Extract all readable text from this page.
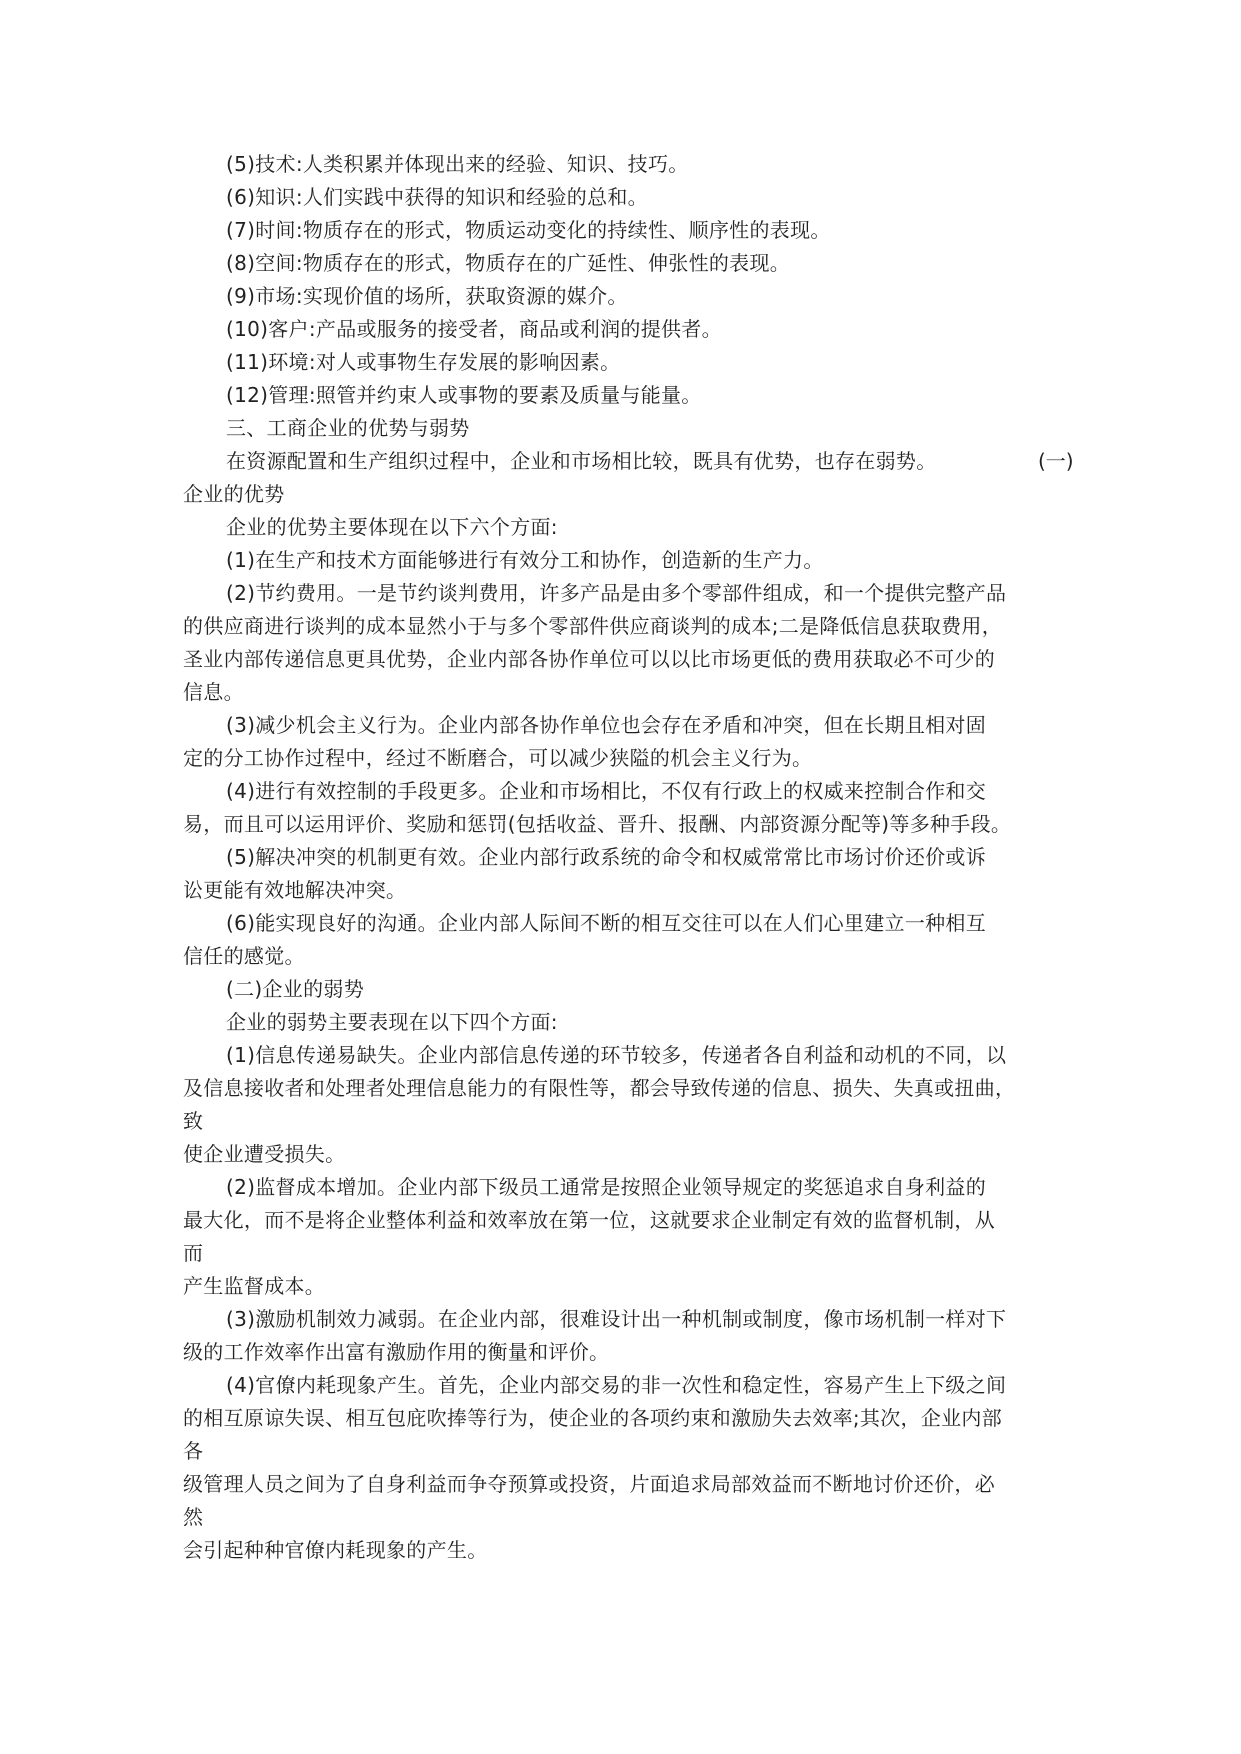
(5)技术:人类积累并体现出来的经验、知识、技巧。
(6)知识:人们实践中获得的知识和经验的总和。
(7)时间:物质存在的形式，物质运动变化的持续性、顺序性的表现。
(8)空间:物质存在的形式，物质存在的广延性、伸张性的表现。
(9)市场:实现价值的场所，获取资源的媒介。
(10)客户:产品或服务的接受者，商品或利润的提供者。
(11)环境:对人或事物生存发展的影响因素。
(12)管理:照管并约束人或事物的要素及质量与能量。
三、工商企业的优势与弱势
在资源配置和生产组织过程中，企业和市场相比较，既具有优势，也存在弱势。	(一)
企业的优势
企业的优势主要体现在以下六个方面:
(1)在生产和技术方面能够进行有效分工和协作，创造新的生产力。
(2)节约费用。一是节约谈判费用，许多产品是由多个零部件组成，和一个提供完整产品
的供应商进行谈判的成本显然小于与多个零部件供应商谈判的成本;二是降低信息获取费用，
圣业内部传递信息更具优势，企业内部各协作单位可以以比市场更低的费用获取必不可少的
信息。
(3)减少机会主义行为。企业内部各协作单位也会存在矛盾和冲突，但在长期且相对固
定的分工协作过程中，经过不断磨合，可以减少狭隘的机会主义行为。
(4)进行有效控制的手段更多。企业和市场相比，不仅有行政上的权威来控制合作和交
易，而且可以运用评价、奖励和惩罚(包括收益、晋升、报酬、内部资源分配等)等多种手段。
(5)解决冲突的机制更有效。企业内部行政系统的命令和权威常常比市场讨价还价或诉
讼更能有效地解决冲突。
(6)能实现良好的沟通。企业内部人际间不断的相互交往可以在人们心里建立一种相互
信任的感觉。
(二)企业的弱势
企业的弱势主要表现在以下四个方面:
(1)信息传递易缺失。企业内部信息传递的环节较多，传递者各自利益和动机的不同，以
及信息接收者和处理者处理信息能力的有限性等，都会导致传递的信息、损失、失真或扭曲，
致
使企业遭受损失。
(2)监督成本增加。企业内部下级员工通常是按照企业领导规定的奖惩追求自身利益的
最大化，而不是将企业整体利益和效率放在第一位，这就要求企业制定有效的监督机制，从
而
产生监督成本。
(3)激励机制效力减弱。在企业内部，很难设计出一种机制或制度，像市场机制一样对下
级的工作效率作出富有激励作用的衡量和评价。
(4)官僚内耗现象产生。首先，企业内部交易的非一次性和稳定性，容易产生上下级之间
的相互原谅失误、相互包庇吹捧等行为，使企业的各项约束和激励失去效率;其次，企业内部
各
级管理人员之间为了自身利益而争夺预算或投资，片面追求局部效益而不断地讨价还价，必
然
会引起种种官僚内耗现象的产生。
